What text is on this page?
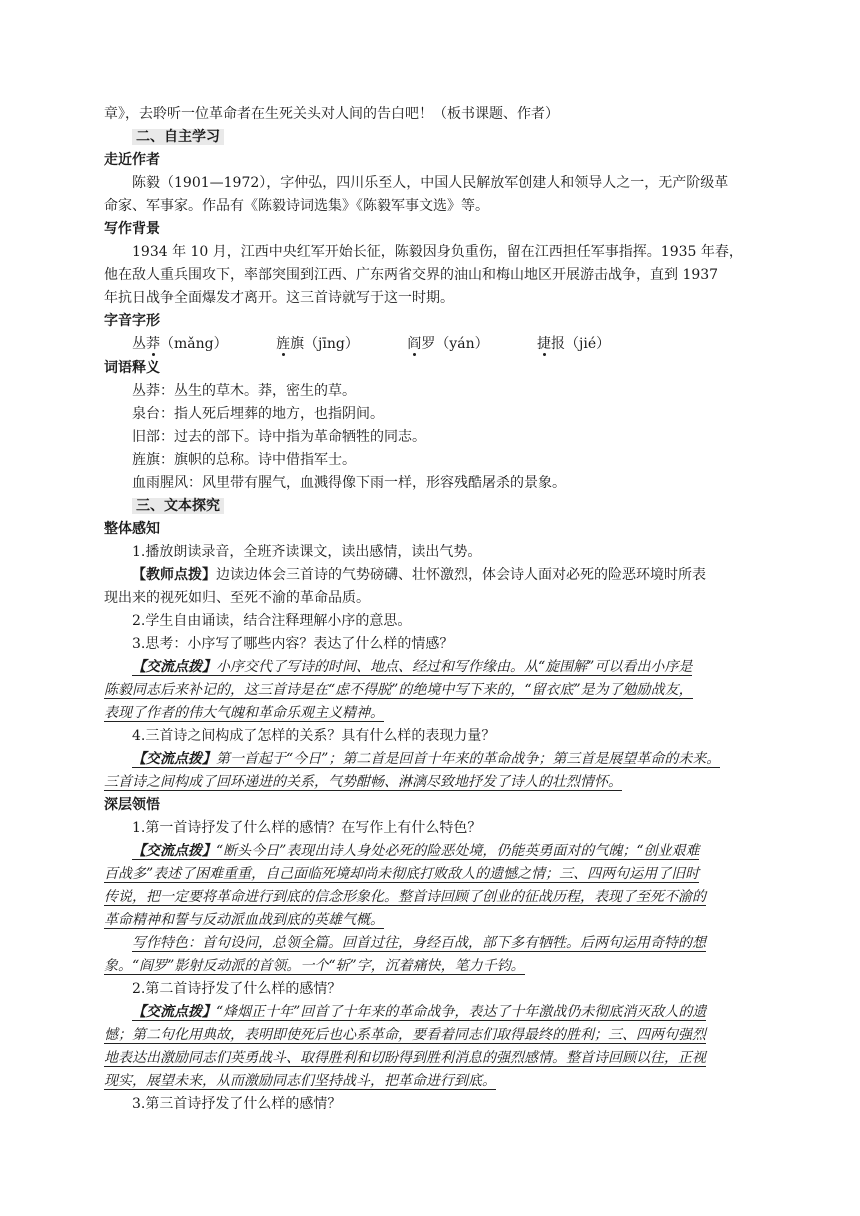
章》，去聆听一位革命者在生死关头对人间的告白吧！（板书课题、作者）
二、自主学习
走近作者
陈毅（1901—1972），字仲弘，四川乐至人，中国人民解放军创建人和领导人之一，无产阶级革
命家、军事家。作品有《陈毅诗词选集》《陈毅军事文选》等。
写作背景
1934 年 10 月，江西中央红军开始长征，陈毅因身负重伤，留在江西担任军事指挥。1935 年春，
他在敌人重兵围攻下，率部突围到江西、广东两省交界的油山和梅山地区开展游击战争，直到 1937
年抗日战争全面爆发才离开。这三首诗就写于这一时期。
字音字形
丛莽（mǎng）	旌旗（jīng）	阎罗（yán）	捷报（jié）
词语释义
丛莽：丛生的草木。莽，密生的草。
泉台：指人死后埋葬的地方，也指阴间。
旧部：过去的部下。诗中指为革命牺牲的同志。
旌旗：旗帜的总称。诗中借指军士。
血雨腥风：风里带有腥气，血溅得像下雨一样，形容残酷屠杀的景象。
三、文本探究
整体感知
1.播放朗读录音，全班齐读课文，读出感情，读出气势。
【教师点拨】边读边体会三首诗的气势磅礴、壮怀激烈，体会诗人面对必死的险恶环境时所表
现出来的视死如归、至死不渝的革命品质。
2.学生自由诵读，结合注释理解小序的意思。
3.思考：小序写了哪些内容？表达了什么样的情感？
【交流点拨】小序交代了写诗的时间、地点、经过和写作缘由。从“旋围解”可以看出小序是
陈毅同志后来补记的，这三首诗是在“虑不得脱”的绝境中写下来的，“留衣底”是为了勉励战友，
表现了作者的伟大气魄和革命乐观主义精神。
4.三首诗之间构成了怎样的关系？具有什么样的表现力量？
【交流点拨】第一首起于“今日”；第二首是回首十年来的革命战争；第三首是展望革命的未来。
三首诗之间构成了回环递进的关系，气势酣畅、淋漓尽致地抒发了诗人的壮烈情怀。
深层领悟
1.第一首诗抒发了什么样的感情？在写作上有什么特色？
【交流点拨】“断头今日”表现出诗人身处必死的险恶处境，仍能英勇面对的气魄；“创业艰难
百战多”表述了困难重重，自己面临死境却尚未彻底打败敌人的遗憾之情；三、四两句运用了旧时
传说，把一定要将革命进行到底的信念形象化。整首诗回顾了创业的征战历程，表现了至死不渝的
革命精神和誓与反动派血战到底的英雄气概。
写作特色：首句设问，总领全篇。回首过往，身经百战，部下多有牺牲。后两句运用奇特的想
象。“阎罗”影射反动派的首领。一个“斩”字，沉着痛快，笔力千钧。
2.第二首诗抒发了什么样的感情？
【交流点拨】“烽烟正十年”回首了十年来的革命战争，表达了十年激战仍未彻底消灭敌人的遗
憾；第二句化用典故，表明即使死后也心系革命，要看着同志们取得最终的胜利；三、四两句强烈
地表达出激励同志们英勇战斗、取得胜利和切盼得到胜利消息的强烈感情。整首诗回顾以往，正视
现实，展望未来，从而激励同志们坚持战斗，把革命进行到底。
3.第三首诗抒发了什么样的感情？
